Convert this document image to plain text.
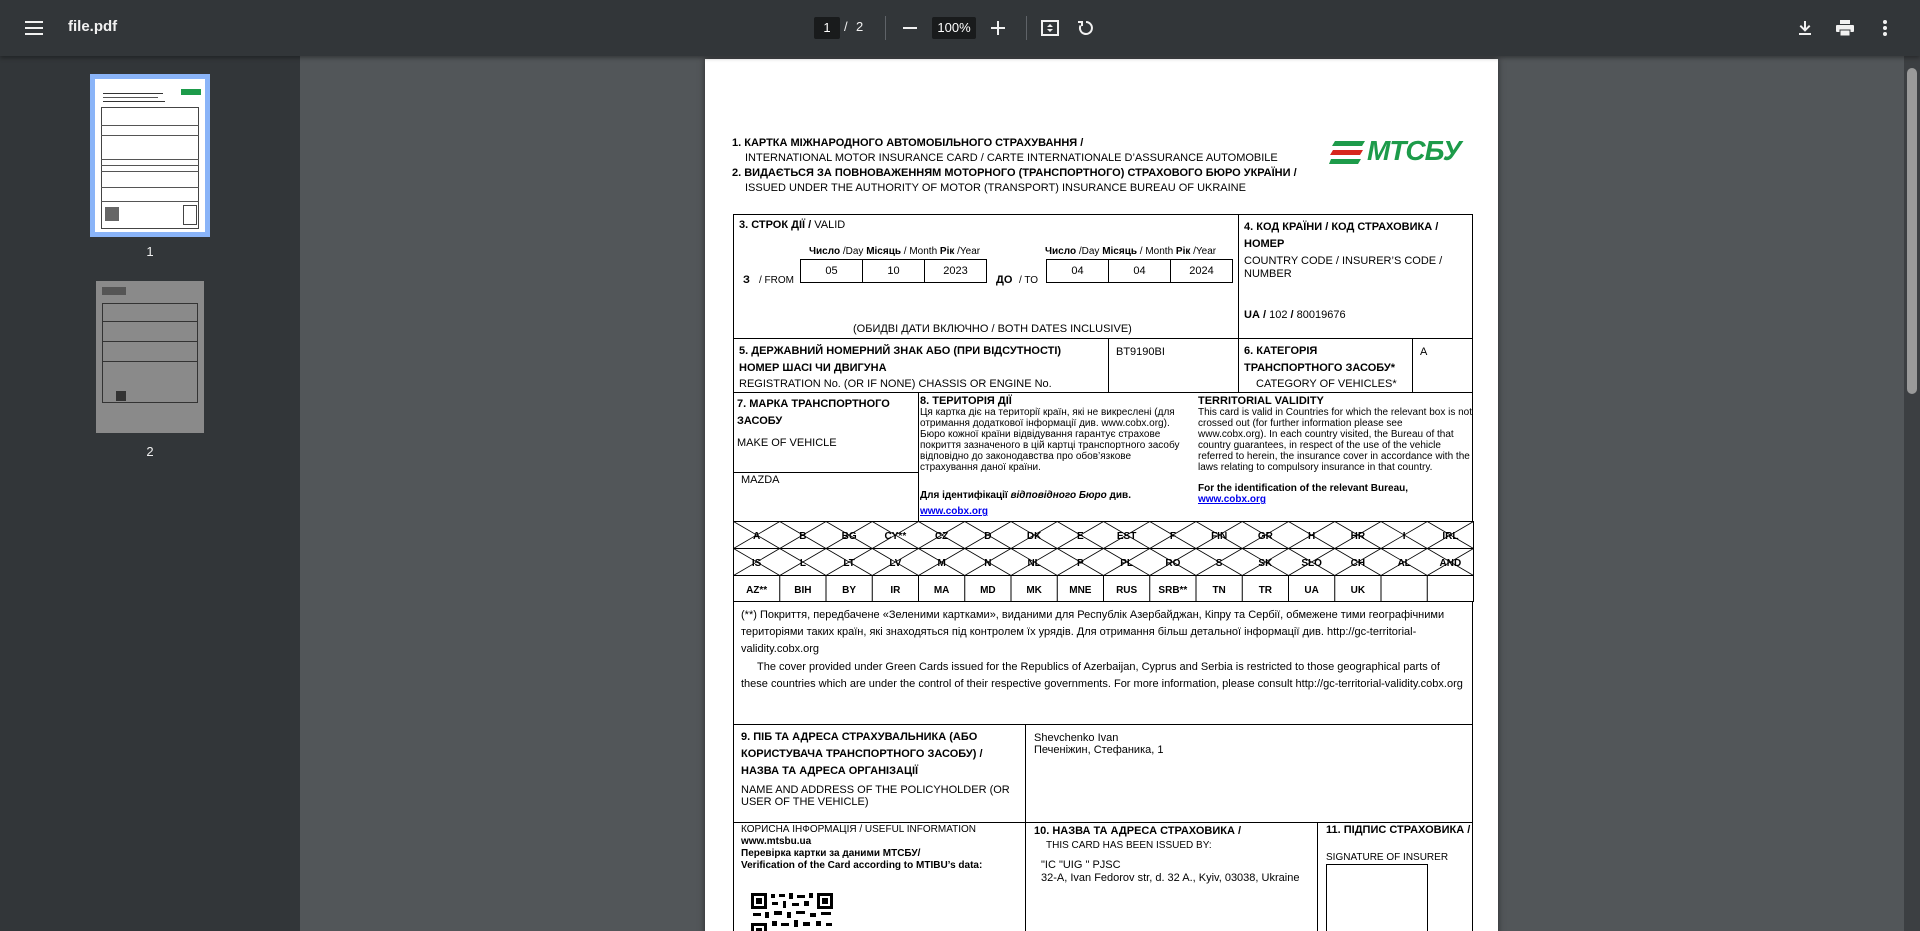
file.pdf	1	/ 2	100%
1
2
1. КАРТКА МІЖНАРОДНОГО АВТОМОБІЛЬНОГО СТРАХУВАННЯ /
INTERNATIONAL MOTOR INSURANCE CARD / CARTE INTERNATIONALE D’ASSURANCE AUTOMOBILE
2. ВИДАЄТЬСЯ ЗА ПОВНОВАЖЕННЯМ МОТОРНОГО (ТРАНСПОРТНОГО) СТРАХОВОГО БЮРО УКРАЇНИ /
ISSUED UNDER THE AUTHORITY OF MOTOR (TRANSPORT) INSURANCE BUREAU OF UKRAINE
МТСБУ
3. СТРОК ДІЇ / VALID
Число /Day Місяць / Month Рік /Year	Число /Day Місяць / Month Рік /Year
З / FROM
05	10	2023
ДО / TO
04	04	2024
(ОБИДВІ ДАТИ ВКЛЮЧНО / BOTH DATES INCLUSIVE)
4. КОД КРАЇНИ / КОД СТРАХОВИКА / НОМЕР
COUNTRY CODE / INSURER’S CODE / NUMBER
UA / 102 / 80019676
5. ДЕРЖАВНИЙ НОМЕРНИЙ ЗНАК АБО (ПРИ ВІДСУТНОСТІ) НОМЕР ШАСІ ЧИ ДВИГУНА
REGISTRATION No. (OR IF NONE) CHASSIS OR ENGINE No.
BT9190BI	6. КАТЕГОРІЯ ТРАНСПОРТНОГО ЗАСОБУ*
CATEGORY OF VEHICLES*
A
7. МАРКА ТРАНСПОРТНОГО ЗАСОБУ
MAKE OF VEHICLE
MAZDA
8. ТЕРИТОРІЯ ДІЇ
Ця картка діє на території країн, які не викреслені (для отримання додаткової інформації див. www.cobx.org). Бюро кожної країни відвідування гарантує страхове покриття зазначеного в цій картці транспортного засобу відповідно до законодавства про обов’язкове страхування даної країни.
Для ідентифікації відповідного Бюро див.
www.cobx.org
TERRITORIAL VALIDITY
This card is valid in Countries for which the relevant box is not crossed out (for further information please see www.cobx.org). In each country visited, the Bureau of that country guarantees, in respect of the use of the vehicle referred to herein, the insurance cover in accordance with the laws relating to compulsory insurance in that country.
For the identification of the relevant Bureau,
www.cobx.org
A	B	BG	CY**	CZ	D	DK	E	EST	F	FIN	GR	H	HR	I	IRL
IS	L	LT	LV	M	N	NL	P	PL	RO	S	SK	SLO	CH	AL	AND
AZ**	BIH	BY	IR	MA	MD	MK	MNE RUS SRB**	TN	TR	UA	UK
(**) Покриття, передбачене «Зеленими картками», виданими для Республік Азербайджан, Кіпру та Сербії, обмежене тими географічними територіями таких країн, які знаходяться під контролем їх урядів. Для отримання більш детальної інформації див. http://gc-territorial-validity.cobx.org
The cover provided under Green Cards issued for the Republics of Azerbaijan, Cyprus and Serbia is restricted to those geographical parts of these countries which are under the control of their respective governments. For more information, please consult http://gc-territorial-validity.cobx.org
9. ПІБ ТА АДРЕСА СТРАХУВАЛЬНИКА (АБО КОРИСТУВАЧА ТРАНСПОРТНОГО ЗАСОБУ) / НАЗВА ТА АДРЕСА ОРГАНІЗАЦІЇ
NAME AND ADDRESS OF THE POLICYHOLDER (OR USER OF THE VEHICLE)
Shevchenko Ivan
Печеніжин, Стефаника, 1
КОРИСНА ІНФОРМАЦІЯ / USEFUL INFORMATION
www.mtsbu.ua
Перевірка картки за даними МТСБУ/
Verification of the Card according to MTIBU’s data:
10. НАЗВА ТА АДРЕСА СТРАХОВИКА /
THIS CARD HAS BEEN ISSUED BY:
"IC "UIG " PJSC
32-A, Ivan Fedorov str, d. 32 A., Kyiv, 03038, Ukraine
11. ПІДПИС СТРАХОВИКА /
SIGNATURE OF INSURER
